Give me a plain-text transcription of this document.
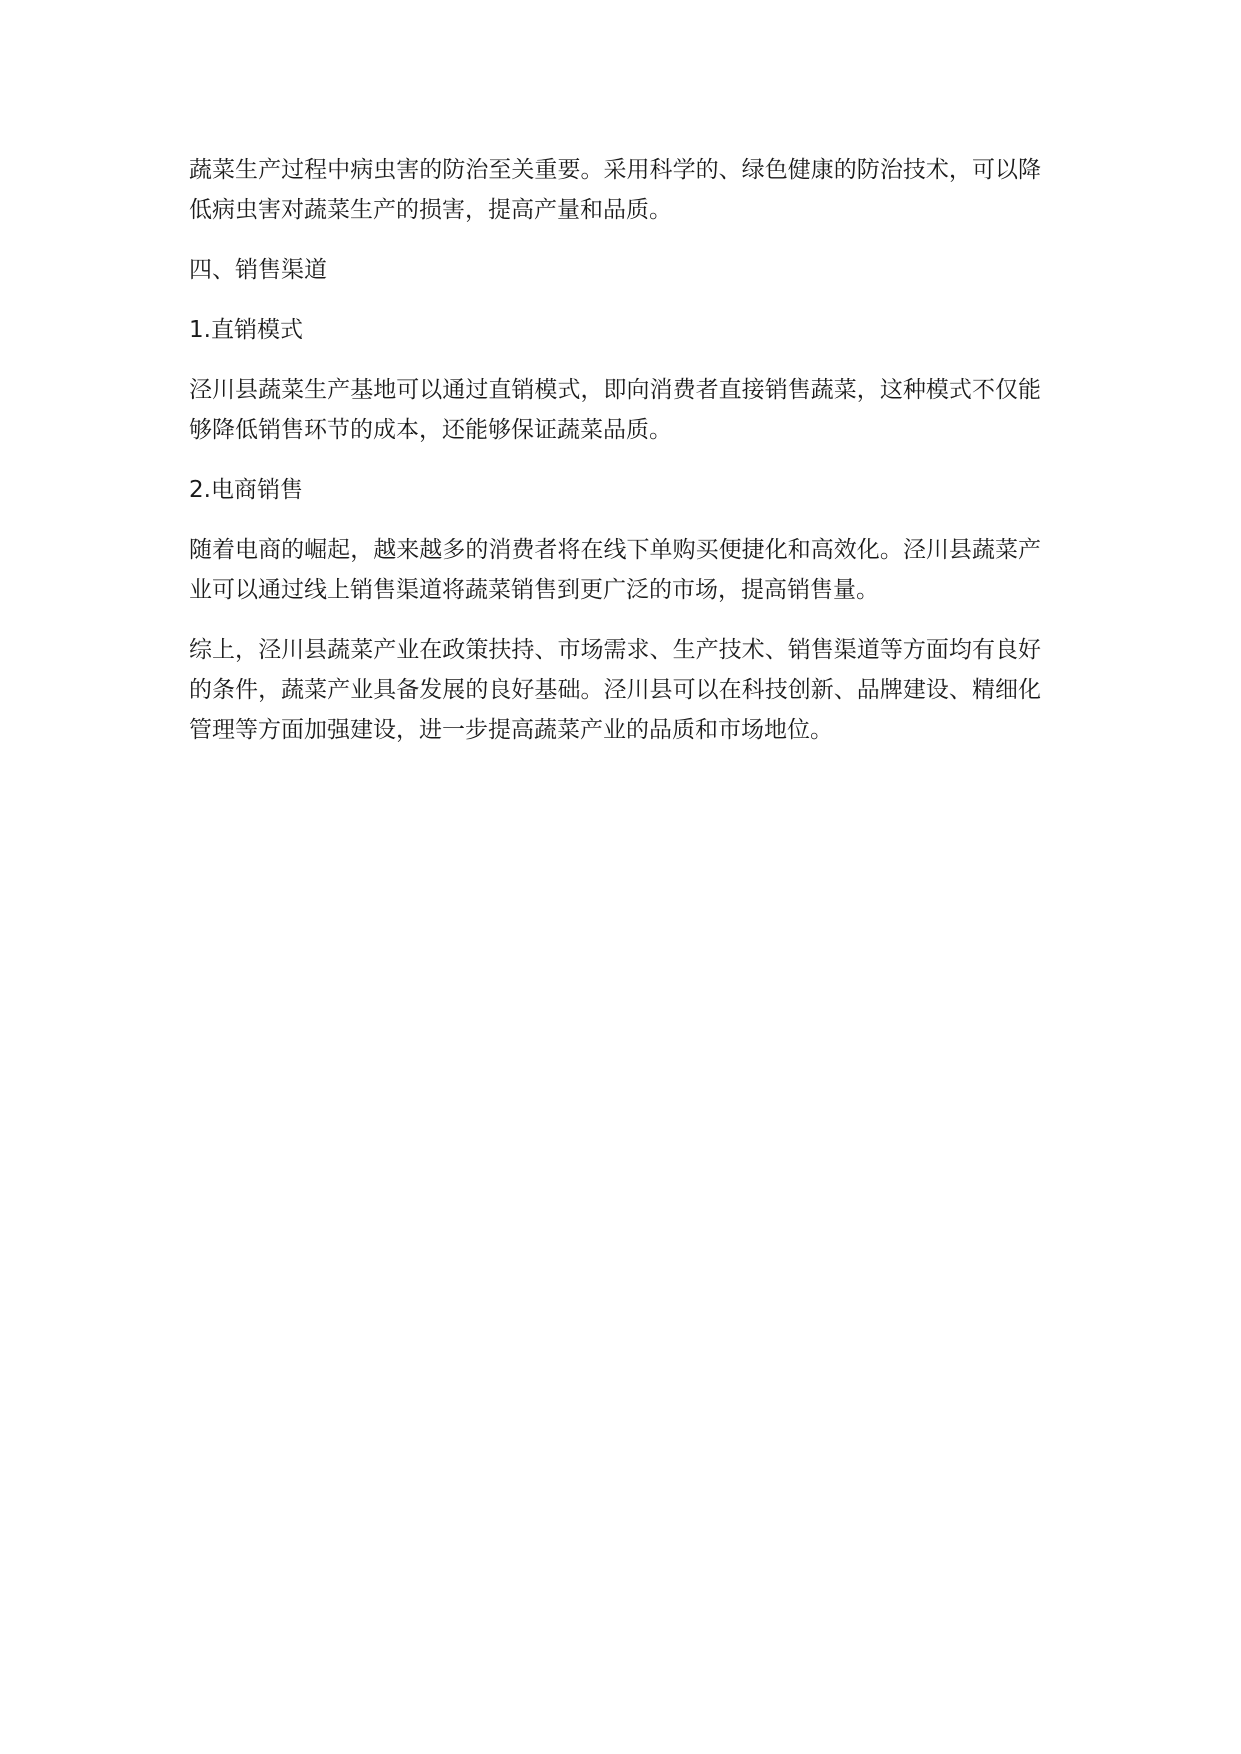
蔬菜生产过程中病虫害的防治至关重要。采用科学的、绿色健康的防治技术，可以降低病虫害对蔬菜生产的损害，提高产量和品质。

四、销售渠道

1.直销模式

泾川县蔬菜生产基地可以通过直销模式，即向消费者直接销售蔬菜，这种模式不仅能够降低销售环节的成本，还能够保证蔬菜品质。

2.电商销售

随着电商的崛起，越来越多的消费者将在线下单购买便捷化和高效化。泾川县蔬菜产业可以通过线上销售渠道将蔬菜销售到更广泛的市场，提高销售量。

综上，泾川县蔬菜产业在政策扶持、市场需求、生产技术、销售渠道等方面均有良好的条件，蔬菜产业具备发展的良好基础。泾川县可以在科技创新、品牌建设、精细化管理等方面加强建设，进一步提高蔬菜产业的品质和市场地位。
